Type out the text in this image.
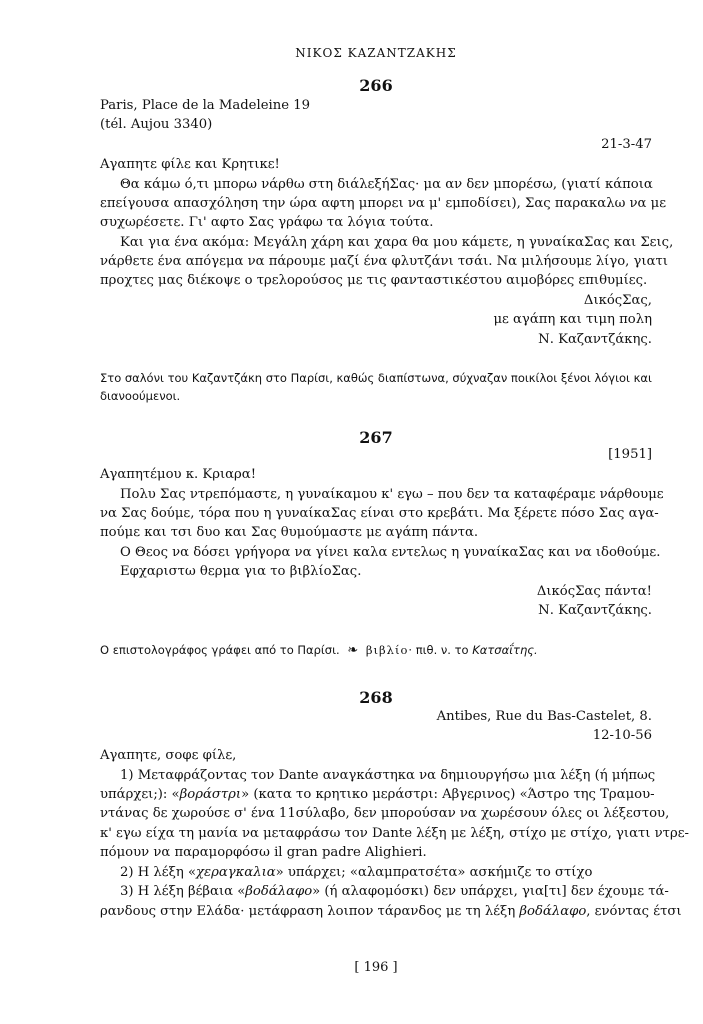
ΝΙΚΟΣ ΚΑΖΑΝΤΖΑΚΗΣ
266
Paris, Place de la Madeleine 19
(tél. Aujou 3340)
21-3-47
Αγαπητε φίλε και Κρητικε!
Θα κάμω ό,τι μπορω νάρθω στη διάλεξήΣας· μα αν δεν μπορέσω, (γιατί κάποια
επείγουσα απασχόληση την ώρα αφτη μπορει να μ' εμποδίσει), Σας παρακαλω να με
συχωρέσετε. Γι' αφτο Σας γράφω τα λόγια τούτα.
Και για ένα ακόμα: Μεγάλη χάρη και χαρα θα μου κάμετε, η γυναίκαΣας και Σεις,
νάρθετε ένα απόγεμα να πάρουμε μαζί ένα φλυτζάνι τσάι. Να μιλήσουμε λίγο, γιατι
προχτες μας διέκοψε ο τρελορούσος με τις φανταστικέστου αιμοβόρες επιθυμίες.
ΔικόςΣας,
με αγάπη και τιμη πολη
Ν. Καζαντζάκης.
Στο σαλόνι του Καζαντζάκη στο Παρίσι, καθώς διαπίστωνα, σύχναζαν ποικίλοι ξένοι λόγιοι και
διανοούμενοι.
267
[1951]
Αγαπητέμου κ. Κριαρα!
Πολυ Σας ντρεπόμαστε, η γυναίκαμου κ' εγω – που δεν τα καταφέραμε νάρθουμε
να Σας δούμε, τόρα που η γυναίκαΣας είναι στο κρεβάτι. Μα ξέρετε πόσο Σας αγα-
πούμε και τσι δυο και Σας θυμούμαστε με αγάπη πάντα.
Ο Θεος να δόσει γρήγορα να γίνει καλα εντελως η γυναίκαΣας και να ιδοθούμε.
Εφχαριστω θερμα για το βιβλίοΣας.
ΔικόςΣας πάντα!
Ν. Καζαντζάκης.
Ο επιστολογράφος γράφει από το Παρίσι. ❧ βιβλίο· πιθ. ν. το Κατσαΐτης.
268
Antibes, Rue du Bas-Castelet, 8.
12-10-56
Αγαπητε, σοφε φίλε,
1) Μεταφράζοντας τον Dante αναγκάστηκα να δημιουργήσω μια λέξη (ή μήπως
υπάρχει;): «βοράστρι» (κατα το κρητικο μεράστρι: Αβγερινος) «Άστρο της Τραμου-
ντάνας δε χωρούσε σ' ένα 11σύλαβο, δεν μπορούσαν να χωρέσουν όλες οι λέξεστου,
κ' εγω είχα τη μανία να μεταφράσω τον Dante λέξη με λέξη, στίχο με στίχο, γιατι ντρε-
πόμουν να παραμορφόσω il gran padre Alighieri.
2) Η λέξη «χεραγκαλια» υπάρχει; «αλαμπρατσέτα» ασκήμιζε το στίχο
3) Η λέξη βέβαια «βοδάλαφο» (ή αλαφομόσκι) δεν υπάρχει, για[τι] δεν έχουμε τά-
ρανδους στην Ελάδα· μετάφραση λοιπον τάρανδος με τη λέξη βοδάλαφο, ενόντας έτσι
[ 196 ]
